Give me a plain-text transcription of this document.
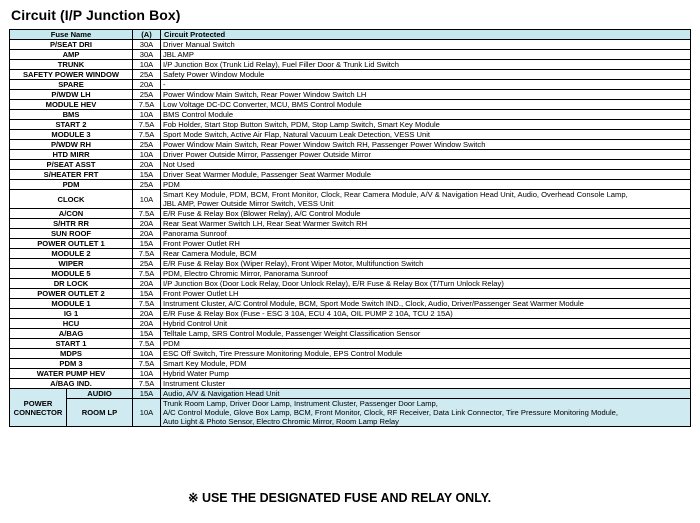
Circuit (I/P Junction Box)
Fuse Name		(A)	Circuit Protected
P/SEAT DRI		30A	Driver Manual Switch
AMP		30A	JBL AMP
TRUNK		10A	I/P Junction Box (Trunk Lid Relay), Fuel Filler Door & Trunk Lid Switch
SAFETY POWER WINDOW		25A	Safety Power Window Module
SPARE		20A	-
P/WDW LH		25A	Power Window Main Switch, Rear Power Window Switch LH
MODULE HEV		7.5A	Low Voltage DC-DC Converter, MCU, BMS Control Module
BMS		10A	BMS Control Module
START 2		7.5A	Fob Holder, Start Stop Button Switch, PDM, Stop Lamp Switch, Smart Key Module
MODULE 3		7.5A	Sport Mode Switch, Active Air Flap, Natural Vacuum Leak Detection, VESS Unit
P/WDW RH		25A	Power Window Main Switch, Rear Power Window Switch RH, Passenger Power Window Switch
HTD MIRR		10A	Driver Power Outside Mirror, Passenger Power Outside Mirror
P/SEAT ASST		20A	Not Used
S/HEATER FRT		15A	Driver Seat Warmer Module, Passenger Seat Warmer Module
PDM		25A	PDM
CLOCK		10A	Smart Key Module, PDM, BCM, Front Monitor, Clock, Rear Camera Module, A/V & Navigation Head Unit, Audio, Overhead Console Lamp,
			JBL AMP, Power Outside Mirror Switch, VESS Unit
A/CON		7.5A	E/R Fuse & Relay Box (Blower Relay), A/C Control Module
S/HTR RR		20A	Rear Seat Warmer Switch LH, Rear Seat Warmer Switch RH
SUN ROOF		20A	Panorama Sunroof
POWER OUTLET 1		15A	Front Power Outlet RH
MODULE 2		7.5A	Rear Camera Module, BCM
WIPER		25A	E/R Fuse & Relay Box (Wiper Relay), Front Wiper Motor, Multifunction Switch
MODULE 5		7.5A	PDM, Electro Chromic Mirror, Panorama Sunroof
DR LOCK		20A	I/P Junction Box (Door Lock Relay, Door Unlock Relay), E/R Fuse & Relay Box (T/Turn Unlock Relay)
POWER OUTLET 2		15A	Front Power Outlet LH
MODULE 1		7.5A	Instrument Cluster, A/C Control Module, BCM, Sport Mode Switch IND., Clock, Audio, Driver/Passenger Seat Warmer Module
IG 1		20A	E/R Fuse & Relay Box (Fuse - ESC 3 10A, ECU 4 10A, OIL PUMP 2 10A, TCU 2 15A)
HCU		20A	Hybrid Control Unit
A/BAG		15A	Telltale Lamp, SRS Control Module, Passenger Weight Classification Sensor
START 1		7.5A	PDM
MDPS		10A	ESC Off Switch, Tire Pressure Monitoring Module, EPS Control Module
PDM 3		7.5A	Smart Key Module, PDM
WATER PUMP HEV		10A	Hybrid Water Pump
A/BAG IND.		7.5A	Instrument Cluster
POWER
CONNECTOR	AUDIO	15A	Audio, A/V & Navigation Head Unit
	ROOM LP	10A	Trunk Room Lamp, Driver Door Lamp, Instrument Cluster, Passenger Door Lamp,
			A/C Control Module, Glove Box Lamp, BCM, Front Monitor, Clock, RF Receiver, Data Link Connector, Tire Pressure Monitoring Module,
			Auto Light & Photo Sensor, Electro Chromic Mirror, Room Lamp Relay
※ USE THE DESIGNATED FUSE AND RELAY ONLY.
